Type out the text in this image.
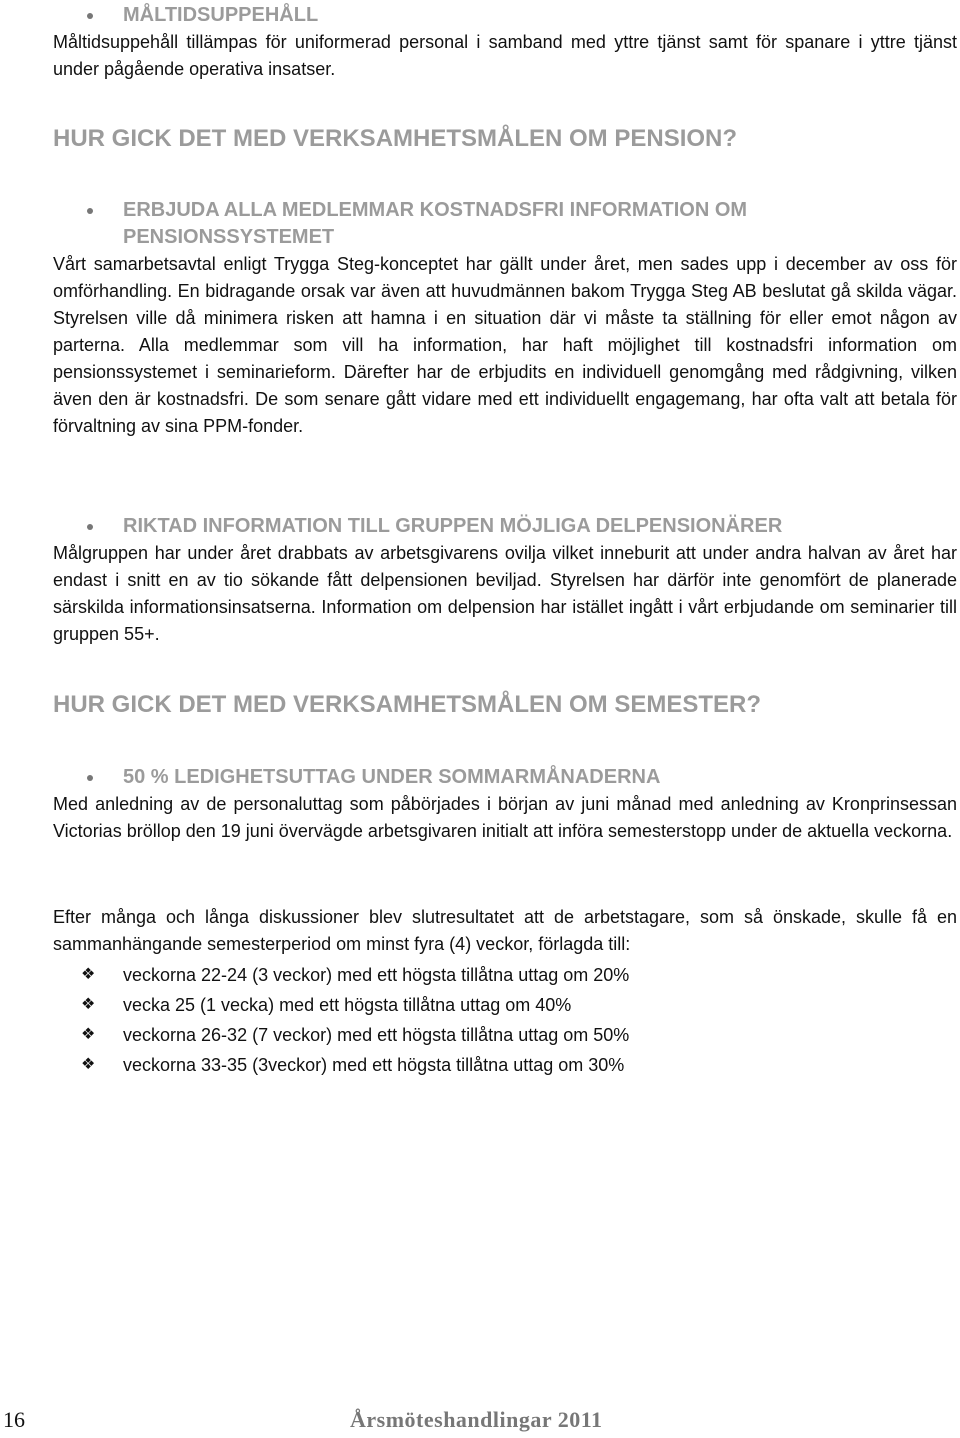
MÅLTIDSUPPEHÅLL

Måltidsuppehåll tillämpas för uniformerad personal i samband med yttre tjänst samt för spanare i yttre tjänst under pågående operativa insatser.

HUR GICK DET MED VERKSAMHETSMÅLEN OM PENSION?
ERBJUDA ALLA MEDLEMMAR KOSTNADSFRI INFORMATION OM PENSIONSSYSTEMET

Vårt samarbetsavtal enligt Trygga Steg-konceptet har gällt under året, men sades upp i december av oss för omförhandling. En bidragande orsak var även att huvudmännen bakom Trygga Steg AB beslutat gå skilda vägar. Styrelsen ville då minimera risken att hamna i en situation där vi måste ta ställning för eller emot någon av parterna. Alla medlemmar som vill ha information, har haft möjlighet till kostnadsfri information om pensionssystemet i seminarieform. Därefter har de erbjudits en individuell genomgång med rådgivning, vilken även den är kostnadsfri. De som senare gått vidare med ett individuellt engagemang, har ofta valt att betala för förvaltning av sina PPM-fonder.

RIKTAD INFORMATION TILL GRUPPEN MÖJLIGA DELPENSIONÄRER

Målgruppen har under året drabbats av arbetsgivarens ovilja vilket inneburit att under andra halvan av året har endast i snitt en av tio sökande fått delpensionen beviljad. Styrelsen har därför inte genomfört de planerade särskilda informationsinsatserna. Information om delpension har istället ingått i vårt erbjudande om seminarier till gruppen 55+.

HUR GICK DET MED VERKSAMHETSMÅLEN OM SEMESTER?
50 % LEDIGHETSUTTAG UNDER SOMMARMÅNADERNA

Med anledning av de personaluttag som påbörjades i början av juni månad med anledning av Kronprinsessan Victorias bröllop den 19 juni övervägde arbetsgivaren initialt att införa semesterstopp under de aktuella veckorna.

Efter många och långa diskussioner blev slutresultatet att de arbetstagare, som så önskade, skulle få en sammanhängande semesterperiod om minst fyra (4) veckor, förlagda till:

❖ veckorna 22-24 (3 veckor) med ett högsta tillåtna uttag om 20%
❖ vecka 25 (1 vecka) med ett högsta tillåtna uttag om 40%
❖ veckorna 26-32 (7 veckor) med ett högsta tillåtna uttag om 50%
❖ veckorna 33-35 (3veckor) med ett högsta tillåtna uttag om 30%
16	Årsmöteshandlingar 2011
